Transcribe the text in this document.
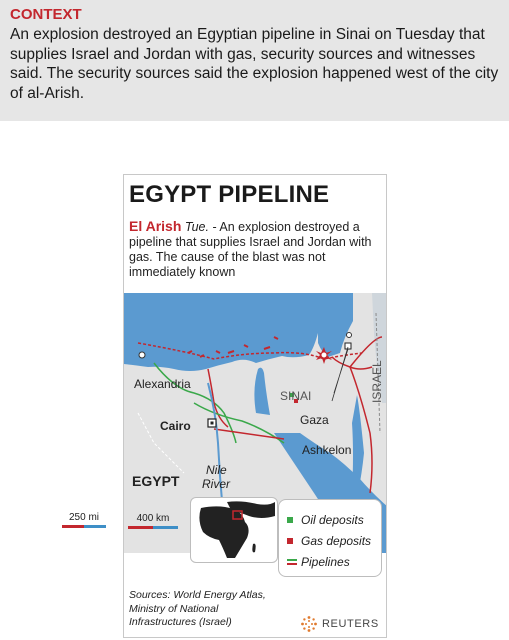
CONTEXT
An explosion destroyed an Egyptian pipeline in Sinai on Tuesday that supplies Israel and Jordan with gas, security sources and witnesses said. The security sources said the explosion happened west of the city of al-Arish.
250 mi
EGYPT PIPELINE
El Arish Tue. - An explosion destroyed a pipeline that supplies Israel and Jordan with gas. The cause of the blast was not immediately known
Alexandria
Cairo
EGYPT
Nile
River
SINAI
Gaza
Ashkelon
ISRAEL
400 km	Oil deposits
Gas deposits
Pipelines
Sources: World Energy Atlas,
Ministry of National
Infrastructures (Israel)	REUTERS
